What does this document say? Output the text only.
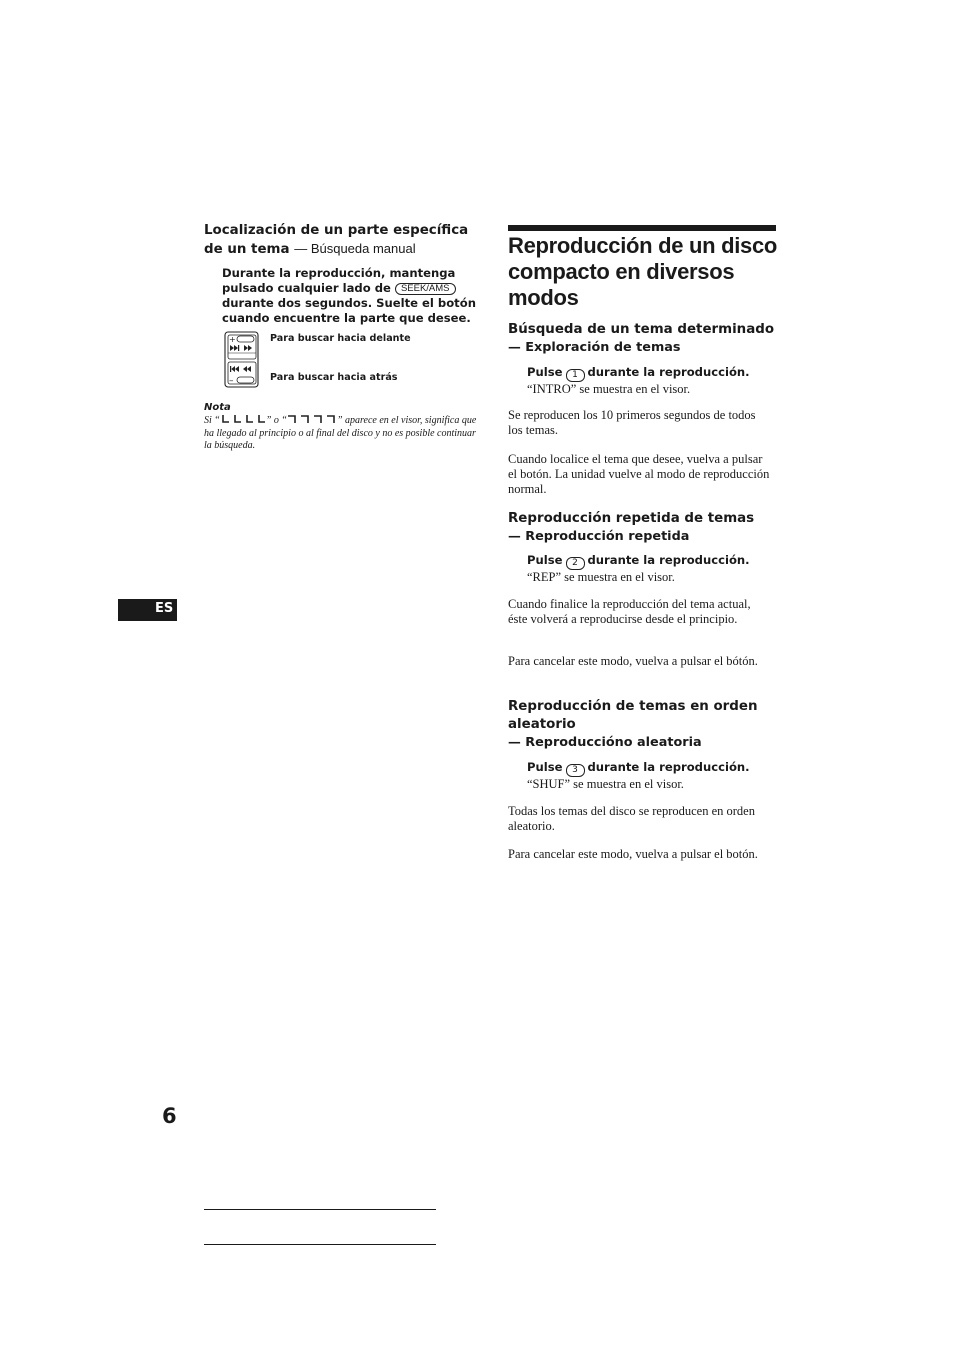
Localización de un parte específica de un tema — Búsqueda manual
Durante la reproducción, mantenga pulsado cualquier lado de SEEK/AMS durante dos segundos. Suelte el botón cuando encuentre la parte que desee.
+
–
Para buscar hacia delante
Para buscar hacia atrás
Nota
Si “	” o “	” aparece en el visor, significa que ha llegado al principio o al final del disco y no es posible continuar la búsqueda.
ES
6
Reproducción de un disco compacto en diversos modos
Búsqueda de un tema determinado
— Exploración de temas
Pulse 1 durante la reproducción.
“INTRO” se muestra en el visor.
Se reproducen los 10 primeros segundos de todos los temas.
Cuando localice el tema que desee, vuelva a pulsar el botón. La unidad vuelve al modo de reproducción normal.
Reproducción repetida de temas
— Reproducción repetida
Pulse 2 durante la reproducción.
“REP” se muestra en el visor.
Cuando finalice la reproducción del tema actual, éste volverá a reproducirse desde el principio.
Para cancelar este modo, vuelva a pulsar el bótón.
Reproducción de temas en orden aleatorio
— Reproduccióno aleatoria
Pulse 3 durante la reproducción.
“SHUF” se muestra en el visor.
Todas los temas del disco se reproducen en orden aleatorio.
Para cancelar este modo, vuelva a pulsar el botón.
